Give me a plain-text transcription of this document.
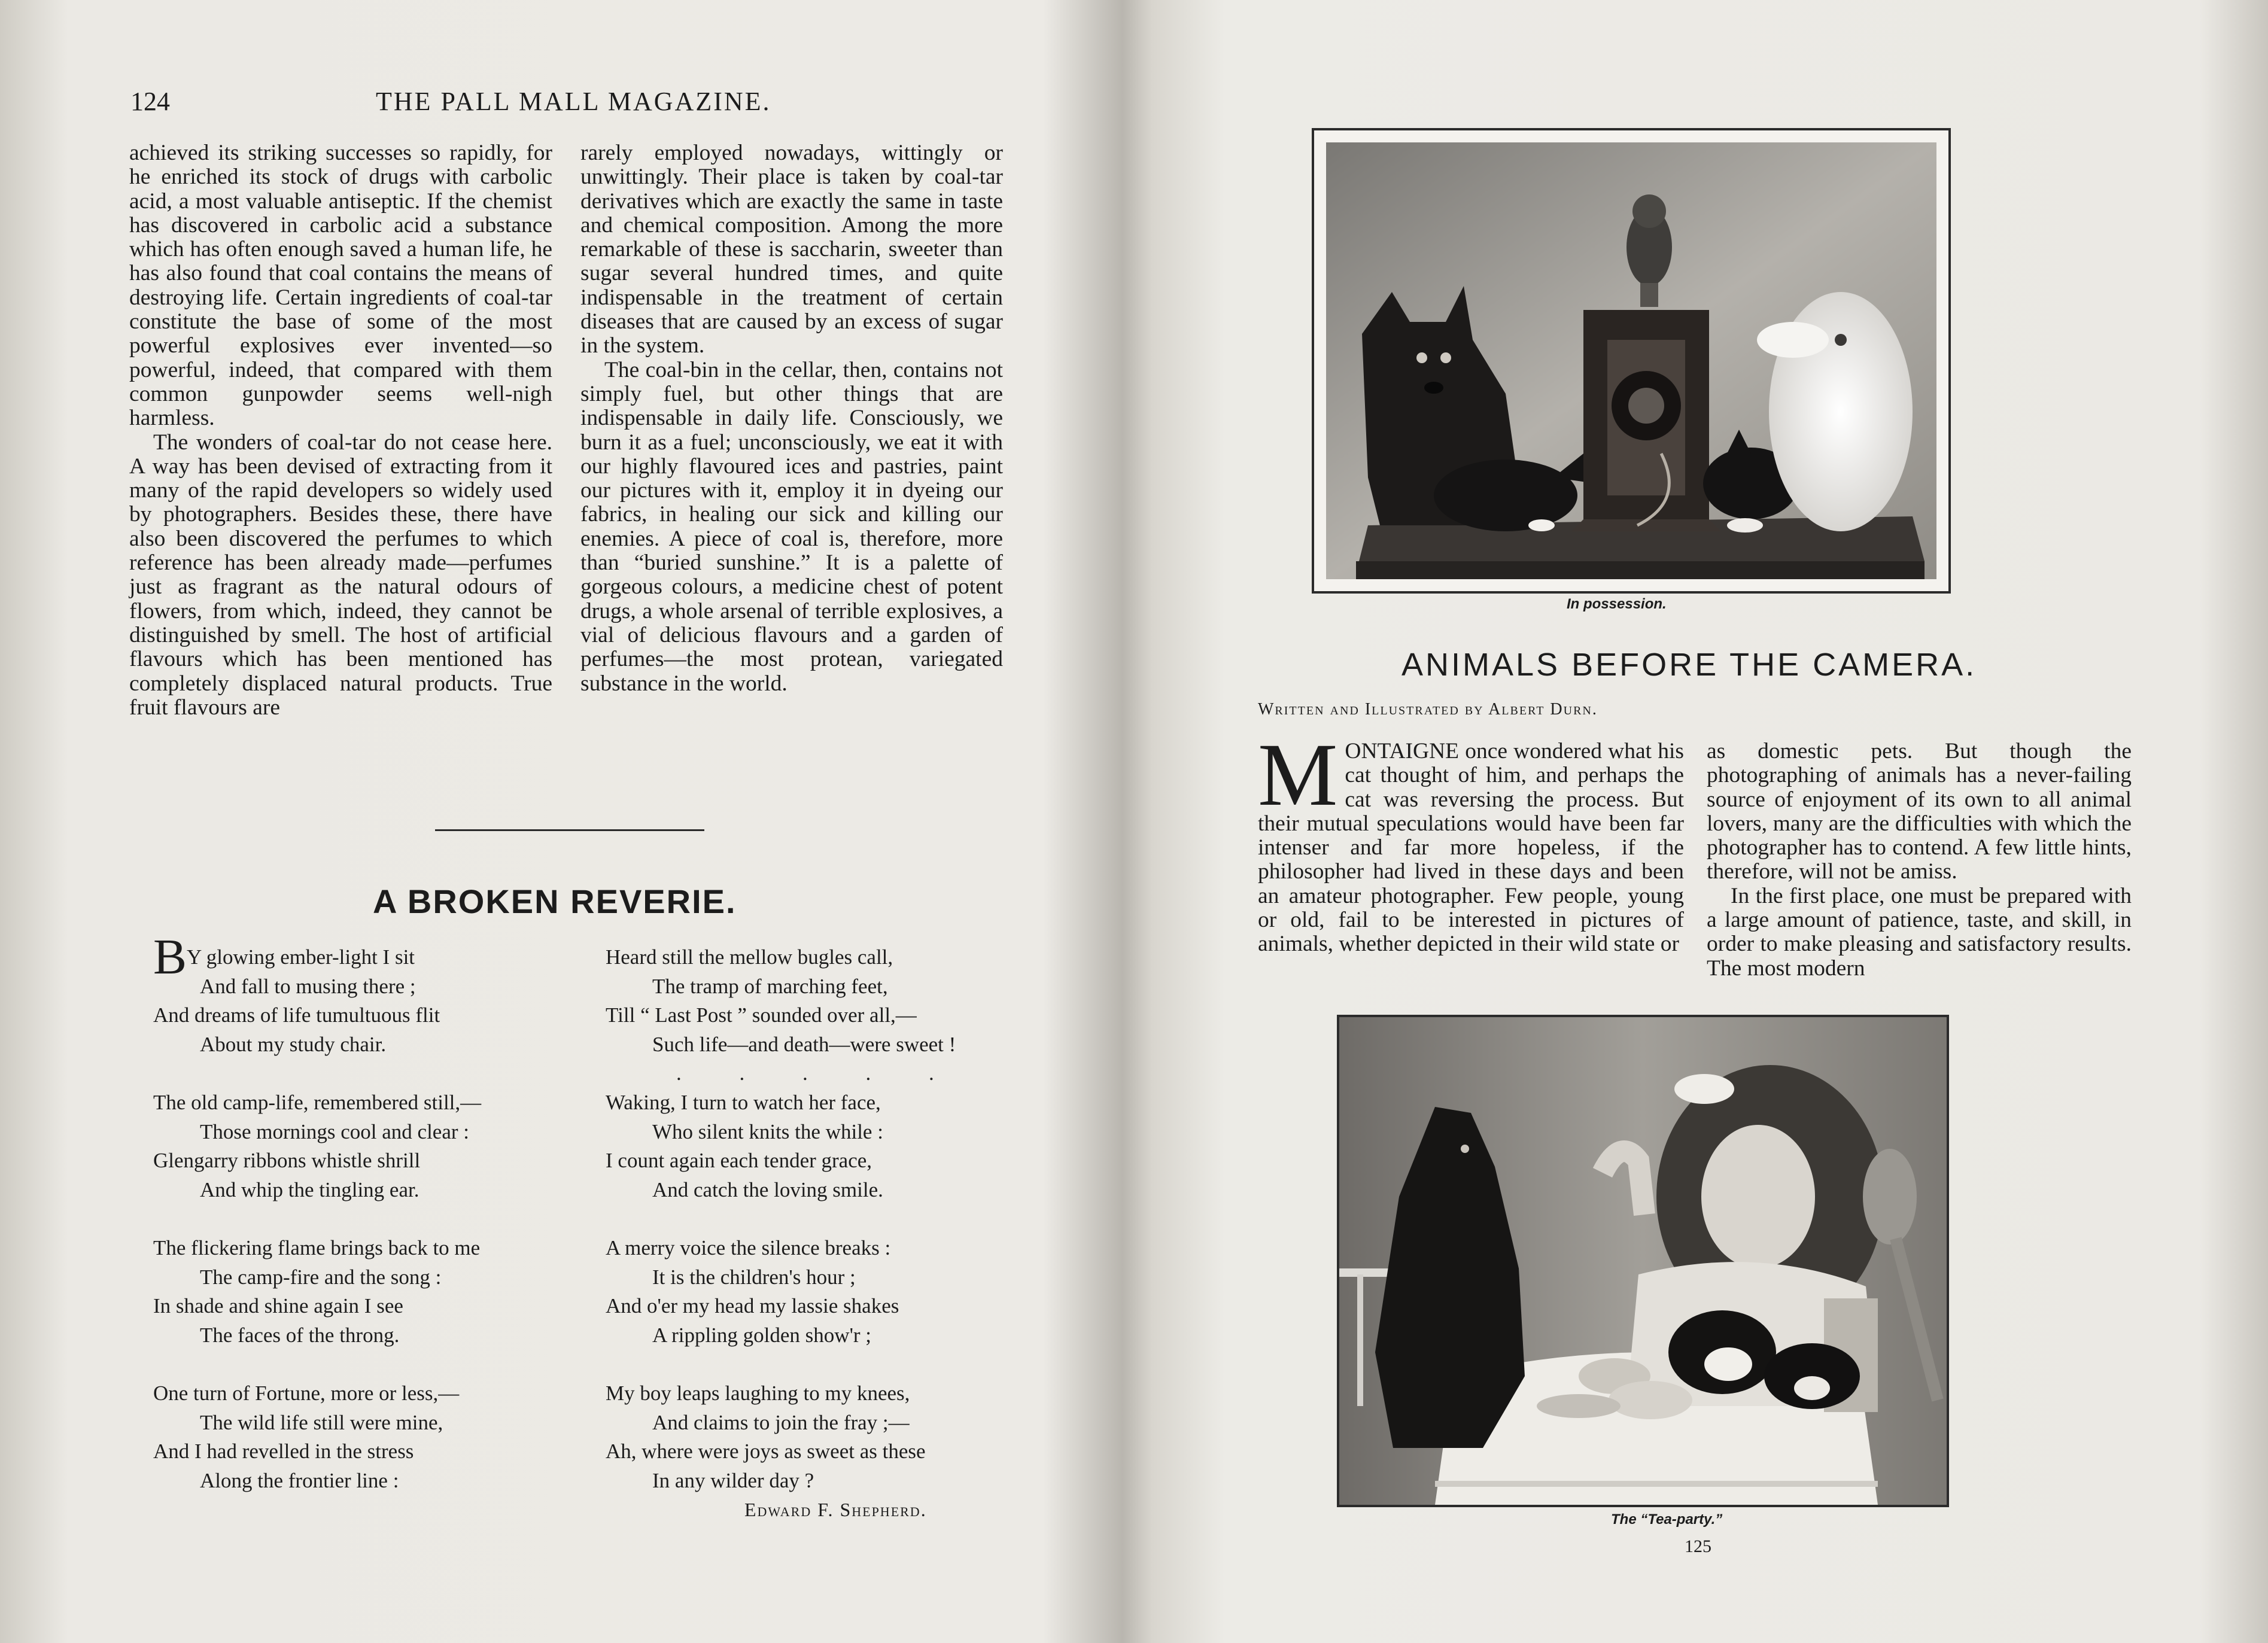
124	THE PALL MALL MAGAZINE.

achieved its striking successes so rapidly, for he enriched its stock of drugs with carbolic acid, a most valuable antiseptic. If the chemist has discovered in carbolic acid a substance which has often enough saved a human life, he has also found that coal contains the means of destroying life. Certain ingredients of coal-tar constitute the base of some of the most powerful explosives ever invented—so powerful, indeed, that compared with them common gunpowder seems well-nigh harmless.

The wonders of coal-tar do not cease here. A way has been devised of extracting from it many of the rapid developers so widely used by photographers. Besides these, there have also been discovered the perfumes to which reference has been already made—perfumes just as fragrant as the natural odours of flowers, from which, indeed, they cannot be distinguished by smell. The host of artificial flavours which has been mentioned has completely displaced natural products. True fruit flavours are

rarely employed nowadays, wittingly or unwittingly. Their place is taken by coal-tar derivatives which are exactly the same in taste and chemical composition. Among the more remarkable of these is saccharin, sweeter than sugar several hundred times, and quite indispensable in the treatment of certain diseases that are caused by an excess of sugar in the system.

The coal-bin in the cellar, then, contains not simply fuel, but other things that are indispensable in daily life. Consciously, we burn it as a fuel; unconsciously, we eat it with our highly flavoured ices and pastries, paint our pictures with it, employ it in dyeing our fabrics, in healing our sick and killing our enemies. A piece of coal is, therefore, more than “buried sunshine.” It is a palette of gorgeous colours, a medicine chest of potent drugs, a whole arsenal of terrible explosives, a vial of delicious flavours and a garden of perfumes—the most protean, variegated substance in the world.

A BROKEN REVERIE.
BY glowing ember-light I sit
And fall to musing there ;
And dreams of life tumultuous flit
About my study chair.
The old camp-life, remembered still,—
Those mornings cool and clear :
Glengarry ribbons whistle shrill
And whip the tingling ear.
The flickering flame brings back to me
The camp-fire and the song :
In shade and shine again I see
The faces of the throng.
One turn of Fortune, more or less,—
The wild life still were mine,
And I had revelled in the stress
Along the frontier line :
Heard still the mellow bugles call,
The tramp of marching feet,
Till “ Last Post ” sounded over all,—
Such life—and death—were sweet !
. . . . .
Waking, I turn to watch her face,
Who silent knits the while :
I count again each tender grace,
And catch the loving smile.
A merry voice the silence breaks :
It is the children's hour ;
And o'er my head my lassie shakes
A rippling golden show'r ;
My boy leaps laughing to my knees,
And claims to join the fray ;—
Ah, where were joys as sweet as these
In any wilder day ?
Edward F. Shepherd.
In possession.
ANIMALS BEFORE THE CAMERA.
Written and Illustrated by Albert Durn.
M ONTAIGNE once wondered what his cat thought of him, and perhaps the cat was reversing the process. But their mutual speculations would have been far intenser and far more hopeless, if the philosopher had lived in these days and been an amateur photographer. Few people, young or old, fail to be interested in pictures of animals, whether depicted in their wild state or

as domestic pets. But though the photographing of animals has a never-failing source of enjoyment of its own to all animal lovers, many are the difficulties with which the photographer has to contend. A few little hints, therefore, will not be amiss.

In the first place, one must be prepared with a large amount of patience, taste, and skill, in order to make pleasing and satisfactory results. The most modern

The “Tea-party.”
125
